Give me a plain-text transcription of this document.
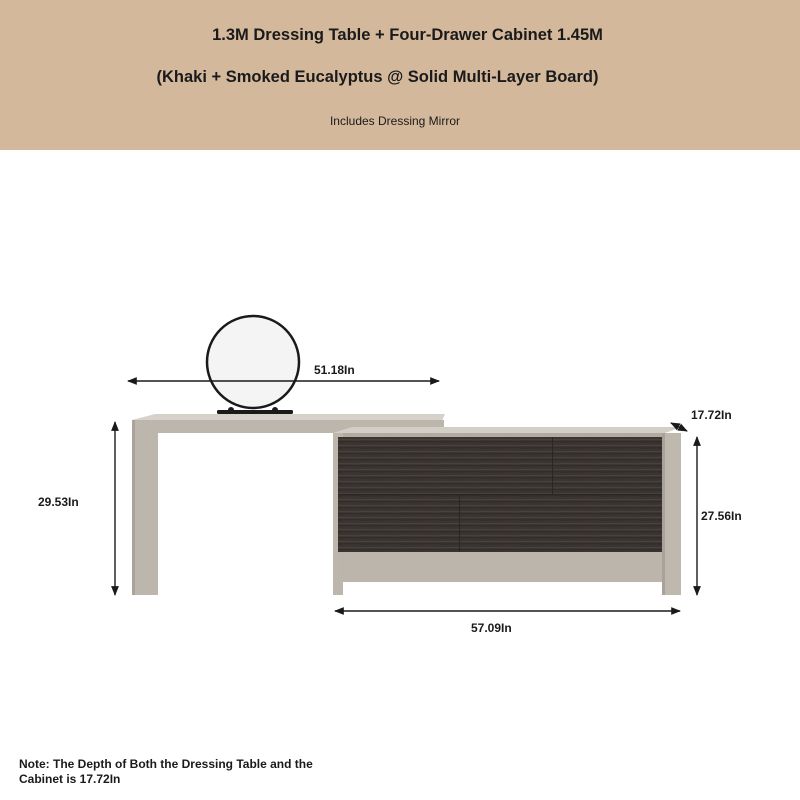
1.3M Dressing Table + Four-Drawer Cabinet 1.45M
(Khaki + Smoked Eucalyptus @ Solid Multi-Layer Board)
Includes Dressing Mirror
51.18In
17.72In
29.53In
27.56In
57.09In
Note: The Depth of Both the Dressing Table and the Cabinet is 17.72In
